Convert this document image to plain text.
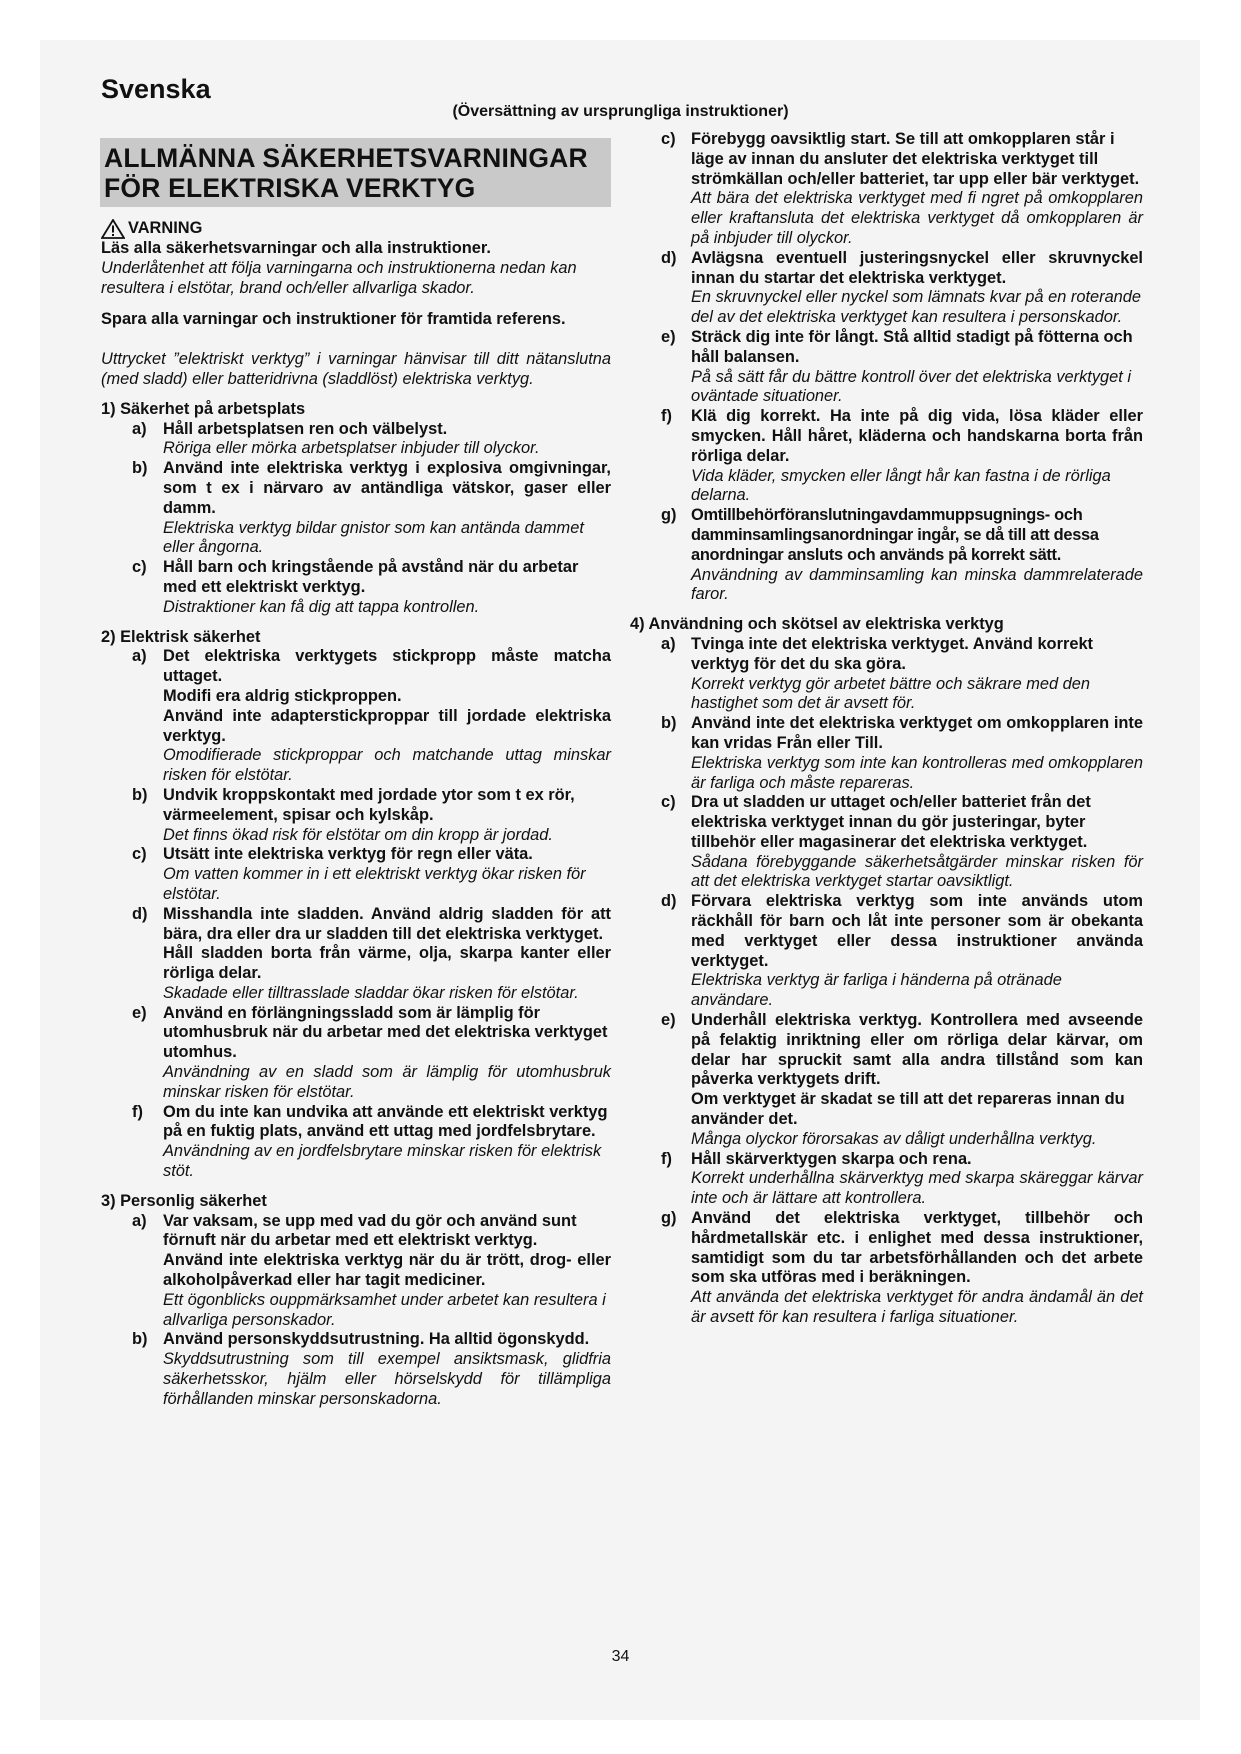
Svenska
(Översättning av ursprungliga instruktioner)
ALLMÄNNA SÄKERHETSVARNINGAR
FÖR ELEKTRISKA VERKTYG
VARNING

Läs alla säkerhetsvarningar och alla instruktioner.

Underlåtenhet att följa varningarna och instruktionerna nedan kan resultera i elstötar, brand och/eller allvarliga skador.

Spara alla varningar och instruktioner för framtida referens.

Uttrycket ”elektriskt verktyg” i varningar hänvisar till ditt nätanslutna (med sladd) eller batteridrivna (sladdlöst) elektriska verktyg.

1) Säkerhet på arbetsplats

a)	Håll arbetsplatsen ren och välbelyst.

Röriga eller mörka arbetsplatser inbjuder till olyckor.

b) Använd inte elektriska verktyg i explosiva omgivningar, som t ex i närvaro av antändliga vätskor, gaser eller damm.

Elektriska verktyg bildar gnistor som kan antända dammet eller ångorna.

c)	Håll barn och kringstående på avstånd när du arbetar med ett elektriskt verktyg.

Distraktioner kan få dig att tappa kontrollen.

2) Elektrisk säkerhet

a)	Det elektriska verktygets stickpropp måste matcha uttaget.

Modifi era aldrig stickproppen.

Använd inte adapterstickproppar till jordade elektriska verktyg.

Omodifierade stickproppar och matchande uttag minskar risken för elstötar.

b) Undvik kroppskontakt med jordade ytor som t ex rör, värmeelement, spisar och kylskåp.

Det finns ökad risk för elstötar om din kropp är jordad.

c)	Utsätt inte elektriska verktyg för regn eller väta.

Om vatten kommer in i ett elektriskt verktyg ökar risken för elstötar.

d) Misshandla inte sladden. Använd aldrig sladden för att bära, dra eller dra ur sladden till det elektriska verktyget.

Håll sladden borta från värme, olja, skarpa kanter eller rörliga delar.

Skadade eller tilltrasslade sladdar ökar risken för elstötar.

e)	Använd en förlängningssladd som är lämplig för utomhusbruk när du arbetar med det elektriska verktyget utomhus.

Användning av en sladd som är lämplig för utomhusbruk minskar risken för elstötar.

f)	Om du inte kan undvika att använde ett elektriskt verktyg på en fuktig plats, använd ett uttag med jordfelsbrytare.

Användning av en jordfelsbrytare minskar risken för elektrisk stöt.

3) Personlig säkerhet

a)	Var vaksam, se upp med vad du gör och använd sunt förnuft när du arbetar med ett elektriskt verktyg.

Använd inte elektriska verktyg när du är trött, drog- eller alkoholpåverkad eller har tagit mediciner.

Ett ögonblicks ouppmärksamhet under arbetet kan resultera i allvarliga personskador.

b) Använd personskyddsutrustning. Ha alltid ögonskydd.

Skyddsutrustning som till exempel ansiktsmask, glidfria säkerhetsskor, hjälm eller hörselskydd för tillämpliga förhållanden minskar personskadorna.

c) Förebygg oavsiktlig start. Se till att omkopplaren står i läge av innan du ansluter det elektriska verktyget till strömkällan och/eller batteriet, tar upp eller bär verktyget.

Att bära det elektriska verktyget med fi ngret på omkopplaren eller kraftansluta det elektriska verktyget då omkopplaren är på inbjuder till olyckor.

d) Avlägsna eventuell justeringsnyckel eller skruvnyckel innan du startar det elektriska verktyget.

En skruvnyckel eller nyckel som lämnats kvar på en roterande del av det elektriska verktyget kan resultera i personskador.

e) Sträck dig inte för långt. Stå alltid stadigt på fötterna och håll balansen.

På så sätt får du bättre kontroll över det elektriska verktyget i oväntade situationer.

f)	Klä dig korrekt. Ha inte på dig vida, lösa kläder eller smycken. Håll håret, kläderna och handskarna borta från rörliga delar.

Vida kläder, smycken eller långt hår kan fastna i de rörliga delarna.

g) Omtillbehörföranslutningavdammuppsugnings- och damminsamlingsanordningar ingår, se då till att dessa anordningar ansluts och används på korrekt sätt.

Användning av damminsamling kan minska dammrelaterade faror.

4) Användning och skötsel av elektriska verktyg

a) Tvinga inte det elektriska verktyget. Använd korrekt verktyg för det du ska göra.

Korrekt verktyg gör arbetet bättre och säkrare med den hastighet som det är avsett för.

b) Använd inte det elektriska verktyget om omkopplaren inte kan vridas Från eller Till.

Elektriska verktyg som inte kan kontrolleras med omkopplaren är farliga och måste repareras.

c) Dra ut sladden ur uttaget och/eller batteriet från det elektriska verktyget innan du gör justeringar, byter tillbehör eller magasinerar det elektriska verktyget.

Sådana förebyggande säkerhetsåtgärder minskar risken för att det elektriska verktyget startar oavsiktligt.

d) Förvara elektriska verktyg som inte används utom räckhåll för barn och låt inte personer som är obekanta med verktyget eller dessa instruktioner använda verktyget.

Elektriska verktyg är farliga i händerna på otränade användare.

e) Underhåll elektriska verktyg. Kontrollera med avseende på felaktig inriktning eller om rörliga delar kärvar, om delar har spruckit samt alla andra tillstånd som kan påverka verktygets drift.

Om verktyget är skadat se till att det repareras innan du använder det.

Många olyckor förorsakas av dåligt underhållna verktyg.

f)	Håll skärverktygen skarpa och rena.

Korrekt underhållna skärverktyg med skarpa skäreggar kärvar inte och är lättare att kontrollera.

g) Använd det elektriska verktyget, tillbehör och hårdmetallskär etc. i enlighet med dessa instruktioner, samtidigt som du tar arbetsförhållanden och det arbete som ska utföras med i beräkningen.

Att använda det elektriska verktyget för andra ändamål än det är avsett för kan resultera i farliga situationer.

34
